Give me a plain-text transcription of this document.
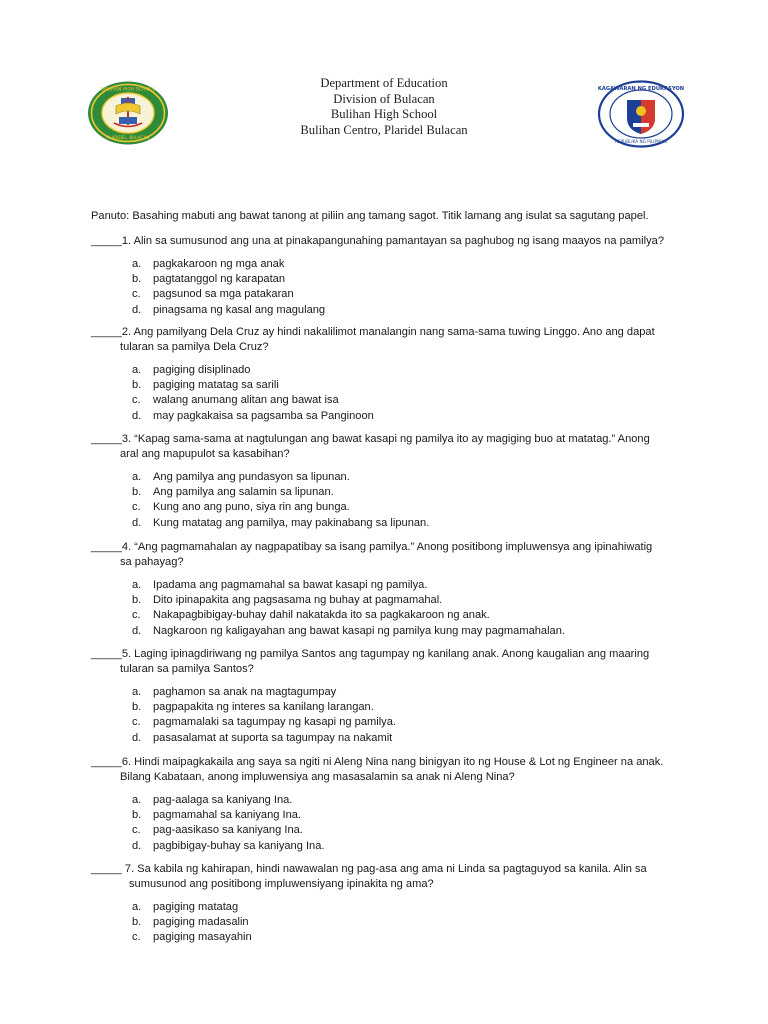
BULIHAN HIGH SCHOOL
PLARIDEL, BULACAN
Department of Education
Division of Bulacan
Bulihan High School
Bulihan Centro, Plaridel Bulacan
KAGAWARAN NG EDUKASYON
REPUBLIKA NG PILIPINAS
Panuto: Basahing mabuti ang bawat tanong at piliin ang tamang sagot. Titik lamang ang isulat sa sagutang papel.
_____1. Alin sa sumusunod ang una at pinakapangunahing pamantayan sa paghubog ng isang maayos na pamilya?
a. pagkakaroon ng mga anak
b. pagtatanggol ng karapatan
c. pagsunod sa mga patakaran
d. pinagsama ng kasal ang magulang
_____2. Ang pamilyang Dela Cruz ay hindi nakalilimot manalangin nang sama-sama tuwing Linggo. Ano ang dapat
tularan sa pamilya Dela Cruz?
a. pagiging disiplinado
b. pagiging matatag sa sarili
c. walang anumang alitan ang bawat isa
d. may pagkakaisa sa pagsamba sa Panginoon
_____3. “Kapag sama-sama at nagtulungan ang bawat kasapi ng pamilya ito ay magiging buo at matatag.” Anong
aral ang mapupulot sa kasabihan?
a. Ang pamilya ang pundasyon sa lipunan.
b. Ang pamilya ang salamin sa lipunan.
c. Kung ano ang puno, siya rin ang bunga.
d. Kung matatag ang pamilya, may pakinabang sa lipunan.
_____4. “Ang pagmamahalan ay nagpapatibay sa isang pamilya.” Anong positibong impluwensya ang ipinahiwatig
sa pahayag?
a. Ipadama ang pagmamahal sa bawat kasapi ng pamilya.
b. Dito ipinapakita ang pagsasama ng buhay at pagmamahal.
c. Nakapagbibigay-buhay dahil nakatakda ito sa pagkakaroon ng anak.
d. Nagkaroon ng kaligayahan ang bawat kasapi ng pamilya kung may pagmamahalan.
_____5. Laging ipinagdiriwang ng pamilya Santos ang tagumpay ng kanilang anak. Anong kaugalian ang maaring
tularan sa pamilya Santos?
a. paghamon sa anak na magtagumpay
b. pagpapakita ng interes sa kanilang larangan.
c. pagmamalaki sa tagumpay ng kasapi ng pamilya.
d. pasasalamat at suporta sa tagumpay na nakamit
_____6. Hindi maipagkakaila ang saya sa ngiti ni Aleng Nina nang binigyan ito ng House & Lot ng Engineer na anak.
Bilang Kabataan, anong impluwensiya ang masasalamin sa anak ni Aleng Nina?
a. pag-aalaga sa kaniyang Ina.
b. pagmamahal sa kaniyang Ina.
c. pag-aasikaso sa kaniyang Ina.
d. pagbibigay-buhay sa kaniyang Ina.
_____ 7. Sa kabila ng kahirapan, hindi nawawalan ng pag-asa ang ama ni Linda sa pagtaguyod sa kanila. Alin sa
sumusunod ang positibong impluwensiyang ipinakita ng ama?
a. pagiging matatag
b. pagiging madasalin
c. pagiging masayahin
